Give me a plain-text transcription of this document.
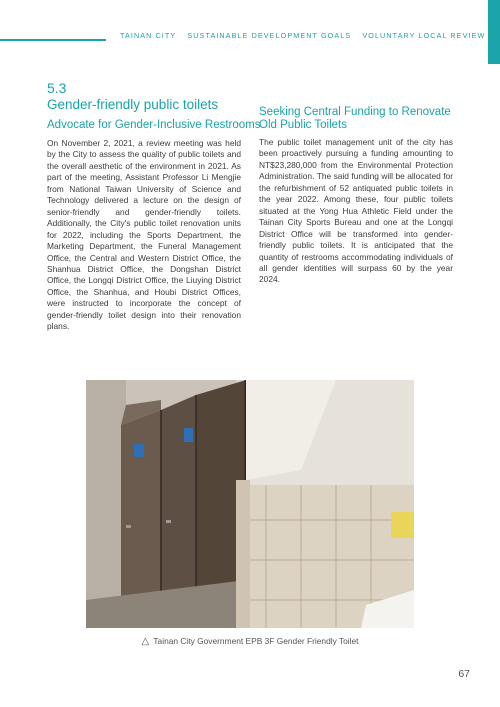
TAINAN CITY SUSTAINABLE DEVELOPMENT GOALS VOLUNTARY LOCAL REVIEW
5.3
Gender-friendly public toilets
Advocate for Gender-Inclusive Restrooms
On November 2, 2021, a review meeting was held by the City to assess the quality of public toilets and the overall aesthetic of the environment in 2021. As part of the meeting, Assistant Professor Li Mengjie from National Taiwan University of Science and Technology delivered a lecture on the design of senior-friendly and gender-friendly toilets. Additionally, the City's public toilet renovation units for 2022, including the Sports Department, the Marketing Department, the Funeral Management Office, the Central and Western District Office, the Shanhua District Office, the Dongshan District Office, the Longqi District Office, the Liuying District Office, the Shanhua, and Houbi District Offices, were instructed to incorporate the concept of gender-friendly toilet design into their renovation plans.
Seeking Central Funding to Renovate Old Public Toilets
The public toilet management unit of the city has been proactively pursuing a funding amounting to NT$23,280,000 from the Environmental Protection Administration. The said funding will be allocated for the refurbishment of 52 antiquated public toilets in the year 2022. Among these, four public toilets situated at the Yong Hua Athletic Field under the Tainan City Sports Bureau and one at the Longqi District Office will be transformed into gender-friendly public toilets. It is anticipated that the quantity of restrooms accommodating individuals of all gender identities will surpass 60 by the year 2024.
△ Tainan City Government EPB 3F Gender Friendly Toilet
67
